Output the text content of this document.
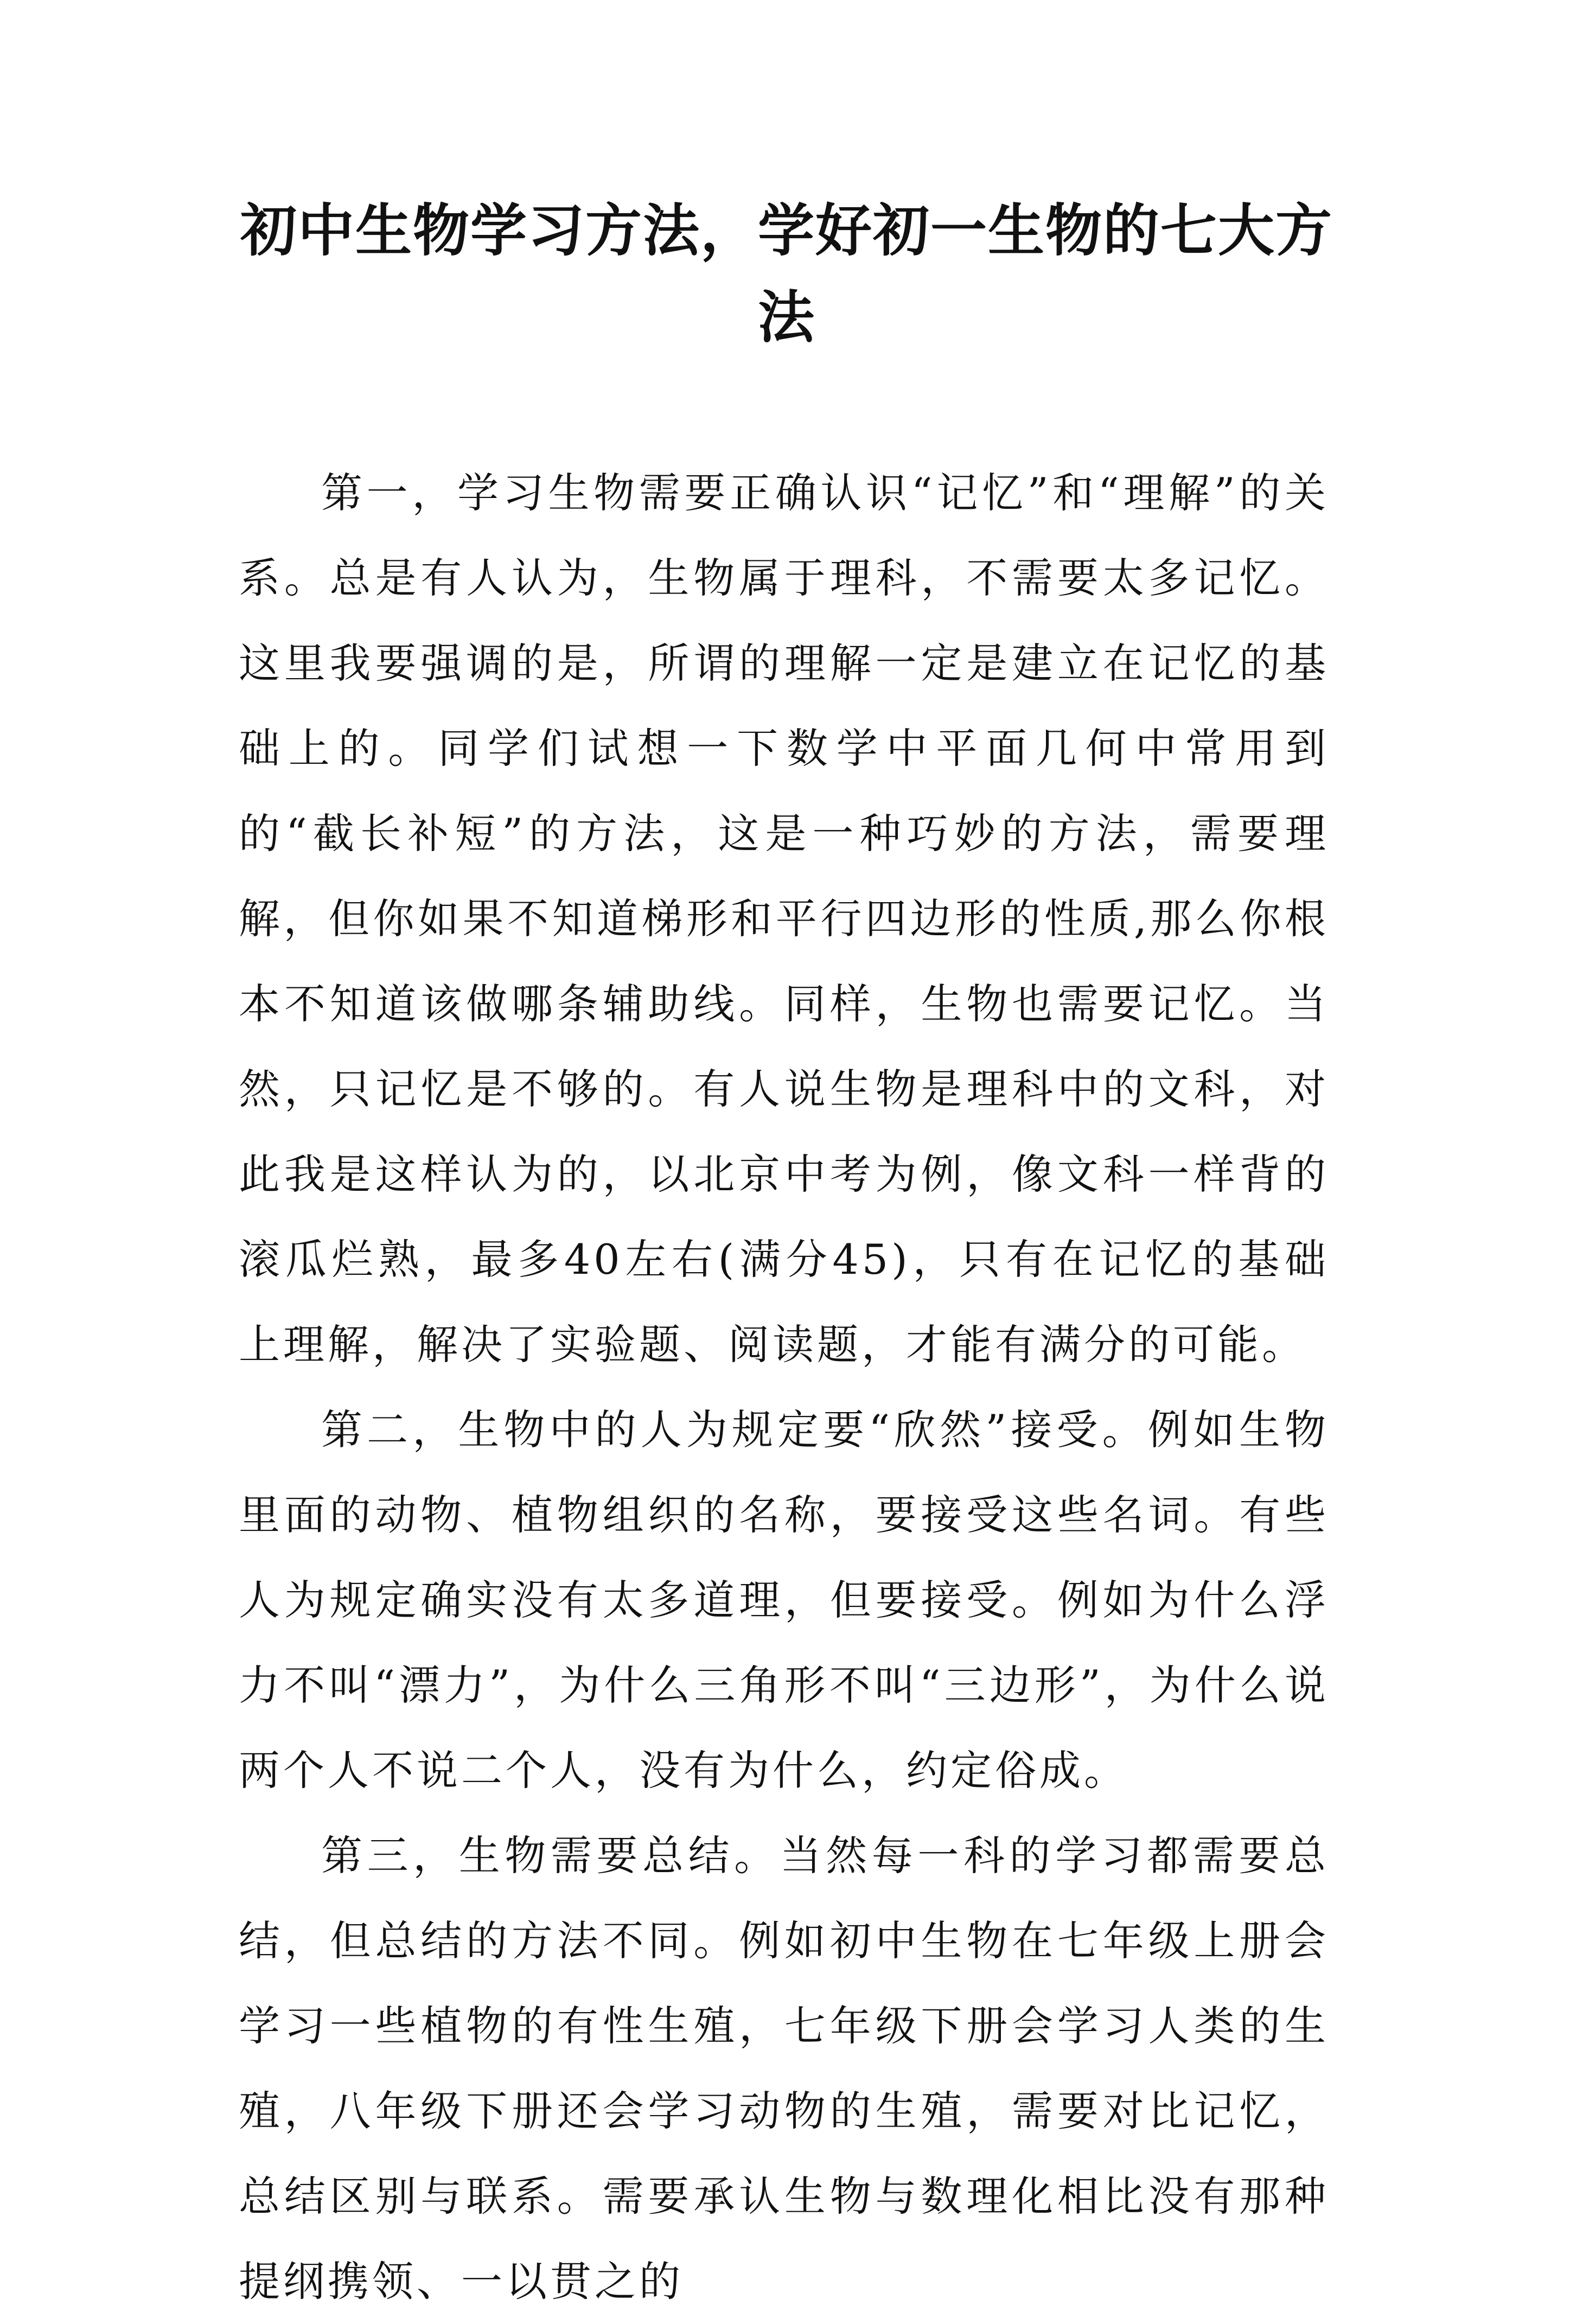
初中生物学习方法，学好初一生物的七大方法

第一，学习生物需要正确认识“记忆”和“理解”的关系。总是有人认为，生物属于理科，不需要太多记忆。这里我要强调的是，所谓的理解一定是建立在记忆的基础上的。同学们试想一下数学中平面几何中常用到的“截长补短”的方法，这是一种巧妙的方法，需要理解，但你如果不知道梯形和平行四边形的性质,那么你根本不知道该做哪条辅助线。同样，生物也需要记忆。当然，只记忆是不够的。有人说生物是理科中的文科，对此我是这样认为的，以北京中考为例，像文科一样背的滚瓜烂熟，最多40左右(满分45)，只有在记忆的基础上理解，解决了实验题、阅读题，才能有满分的可能。

第二，生物中的人为规定要“欣然”接受。例如生物里面的动物、植物组织的名称，要接受这些名词。有些人为规定确实没有太多道理，但要接受。例如为什么浮力不叫“漂力”，为什么三角形不叫“三边形”，为什么说两个人不说二个人，没有为什么，约定俗成。

第三，生物需要总结。当然每一科的学习都需要总结，但总结的方法不同。例如初中生物在七年级上册会学习一些植物的有性生殖，七年级下册会学习人类的生殖，八年级下册还会学习动物的生殖，需要对比记忆，总结区别与联系。需要承认生物与数理化相比没有那种提纲携领、一以贯之的
